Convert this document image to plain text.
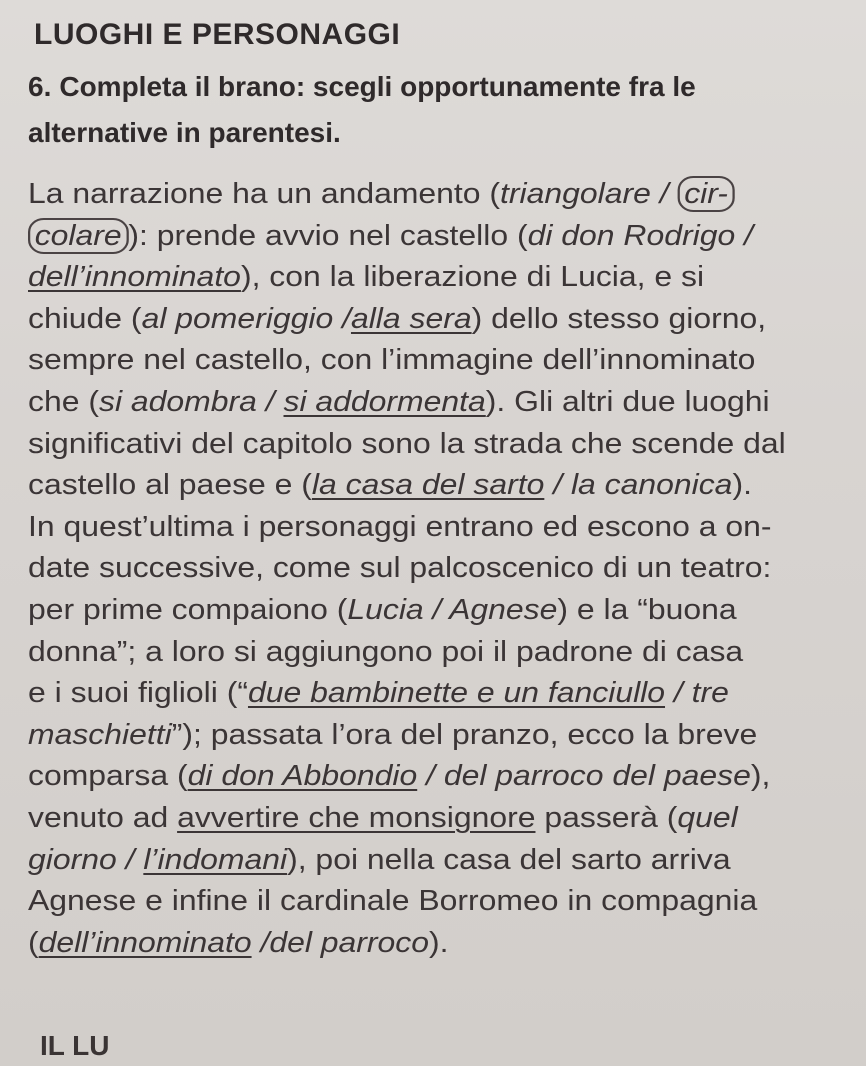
LUOGHI E PERSONAGGI
6. Completa il brano: scegli opportunamente fra le
alternative in parentesi.

La narrazione ha un andamento (triangolare / cir-
colare ): prende avvio nel castello (di don Rodrigo /
dell’innominato), con la liberazione di Lucia, e si
chiude (al pomeriggio /alla sera) dello stesso giorno,
sempre nel castello, con l’immagine dell’innominato
che (si adombra / si addormenta). Gli altri due luoghi
significativi del capitolo sono la strada che scende dal
castello al paese e (la casa del sarto / la canonica).
In quest’ultima i personaggi entrano ed escono a on-
date successive, come sul palcoscenico di un teatro:
per prime compaiono (Lucia / Agnese) e la “buona
donna”; a loro si aggiungono poi il padrone di casa
e i suoi figlioli (“due bambinette e un fanciullo / tre
maschietti”); passata l’ora del pranzo, ecco la breve
comparsa (di don Abbondio / del parroco del paese),
venuto ad avvertire che monsignore passerà (quel
giorno / l’indomani), poi nella casa del sarto arriva
Agnese e infine il cardinale Borromeo in compagnia
(dell’innominato /del parroco).

IL LU
